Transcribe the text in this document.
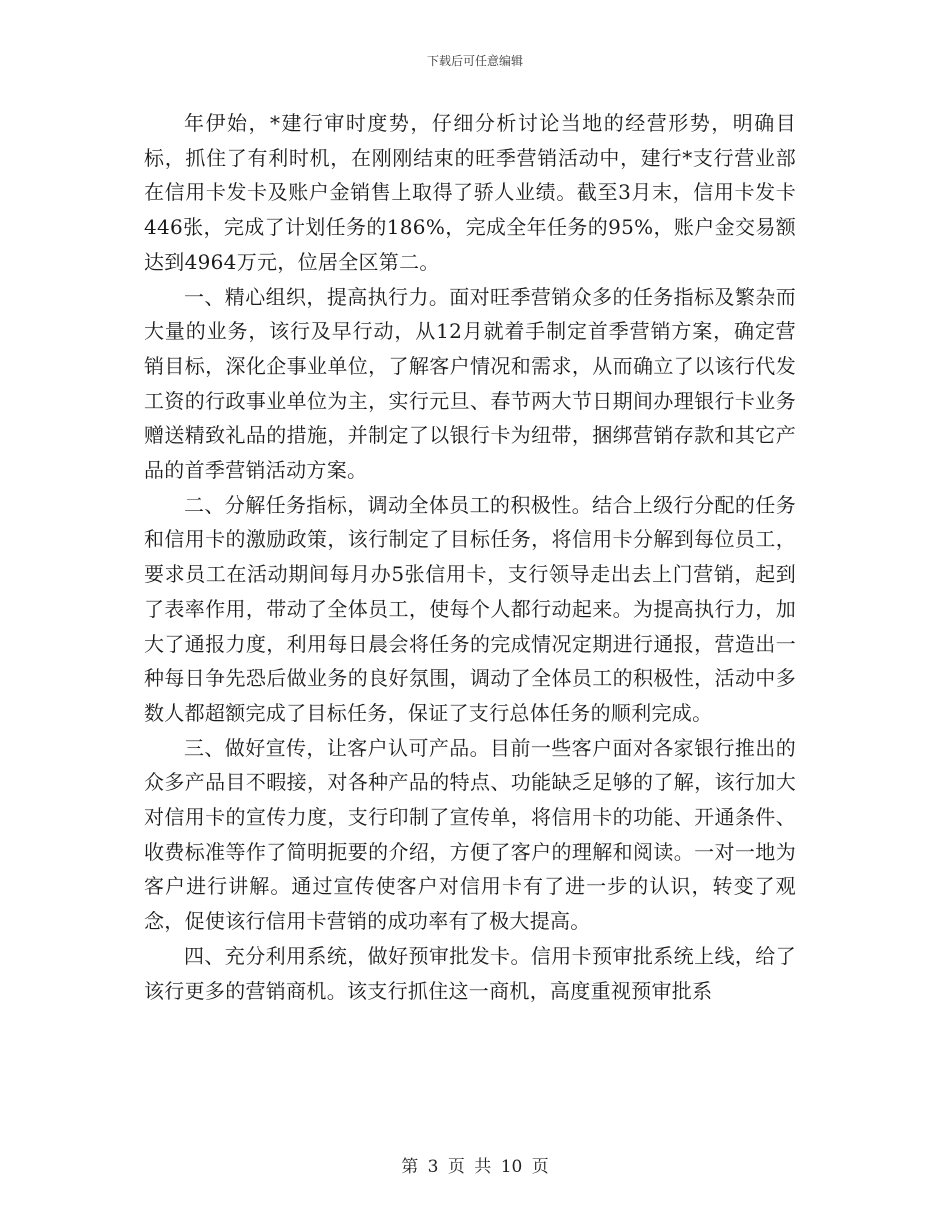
下载后可任意编辑

年伊始，*建行审时度势，仔细分析讨论当地的经营形势，明确目标，抓住了有利时机，在刚刚结束的旺季营销活动中，建行*支行营业部在信用卡发卡及账户金销售上取得了骄人业绩。截至3月末，信用卡发卡446张，完成了计划任务的186%，完成全年任务的95%，账户金交易额达到4964万元，位居全区第二。

一、精心组织，提高执行力。面对旺季营销众多的任务指标及繁杂而大量的业务，该行及早行动，从12月就着手制定首季营销方案，确定营销目标，深化企事业单位，了解客户情况和需求，从而确立了以该行代发工资的行政事业单位为主，实行元旦、春节两大节日期间办理银行卡业务赠送精致礼品的措施，并制定了以银行卡为纽带，捆绑营销存款和其它产品的首季营销活动方案。

二、分解任务指标，调动全体员工的积极性。结合上级行分配的任务和信用卡的激励政策，该行制定了目标任务，将信用卡分解到每位员工，要求员工在活动期间每月办5张信用卡，支行领导走出去上门营销，起到了表率作用，带动了全体员工，使每个人都行动起来。为提高执行力，加大了通报力度，利用每日晨会将任务的完成情况定期进行通报，营造出一种每日争先恐后做业务的良好氛围，调动了全体员工的积极性，活动中多数人都超额完成了目标任务，保证了支行总体任务的顺利完成。

三、做好宣传，让客户认可产品。目前一些客户面对各家银行推出的众多产品目不暇接，对各种产品的特点、功能缺乏足够的了解，该行加大对信用卡的宣传力度，支行印制了宣传单，将信用卡的功能、开通条件、收费标准等作了简明扼要的介绍，方便了客户的理解和阅读。一对一地为客户进行讲解。通过宣传使客户对信用卡有了进一步的认识，转变了观念，促使该行信用卡营销的成功率有了极大提高。

四、充分利用系统，做好预审批发卡。信用卡预审批系统上线，给了该行更多的营销商机。该支行抓住这一商机，高度重视预审批系

第 3 页 共 10 页
